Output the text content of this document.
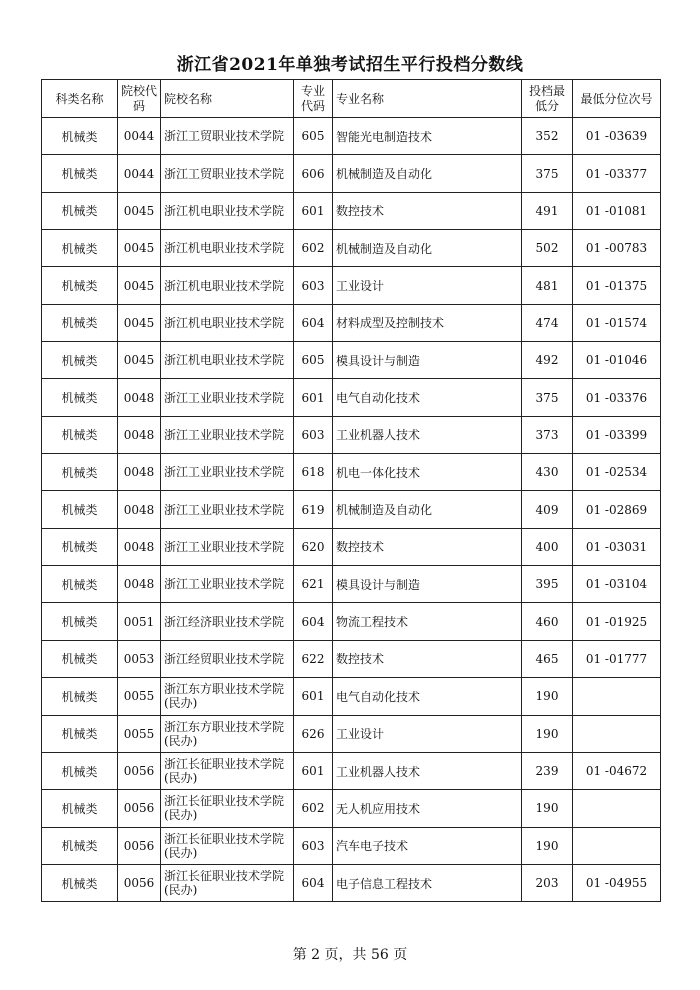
浙江省2021年单独考试招生平行投档分数线
科类名称	院校代码	院校名称	专业代码	专业名称	投档最低分	最低分位次号
机械类	0044	浙江工贸职业技术学院	605	智能光电制造技术	352	01 -03639
机械类	0044	浙江工贸职业技术学院	606	机械制造及自动化	375	01 -03377
机械类	0045	浙江机电职业技术学院	601	数控技术	491	01 -01081
机械类	0045	浙江机电职业技术学院	602	机械制造及自动化	502	01 -00783
机械类	0045	浙江机电职业技术学院	603	工业设计	481	01 -01375
机械类	0045	浙江机电职业技术学院	604	材料成型及控制技术	474	01 -01574
机械类	0045	浙江机电职业技术学院	605	模具设计与制造	492	01 -01046
机械类	0048	浙江工业职业技术学院	601	电气自动化技术	375	01 -03376
机械类	0048	浙江工业职业技术学院	603	工业机器人技术	373	01 -03399
机械类	0048	浙江工业职业技术学院	618	机电一体化技术	430	01 -02534
机械类	0048	浙江工业职业技术学院	619	机械制造及自动化	409	01 -02869
机械类	0048	浙江工业职业技术学院	620	数控技术	400	01 -03031
机械类	0048	浙江工业职业技术学院	621	模具设计与制造	395	01 -03104
机械类	0051	浙江经济职业技术学院	604	物流工程技术	460	01 -01925
机械类	0053	浙江经贸职业技术学院	622	数控技术	465	01 -01777
机械类	0055	浙江东方职业技术学院(民办)	601	电气自动化技术	190	
机械类	0055	浙江东方职业技术学院(民办)	626	工业设计	190	
机械类	0056	浙江长征职业技术学院(民办)	601	工业机器人技术	239	01 -04672
机械类	0056	浙江长征职业技术学院(民办)	602	无人机应用技术	190	
机械类	0056	浙江长征职业技术学院(民办)	603	汽车电子技术	190	
机械类	0056	浙江长征职业技术学院(民办)	604	电子信息工程技术	203	01 -04955
第 2 页，共 56 页
